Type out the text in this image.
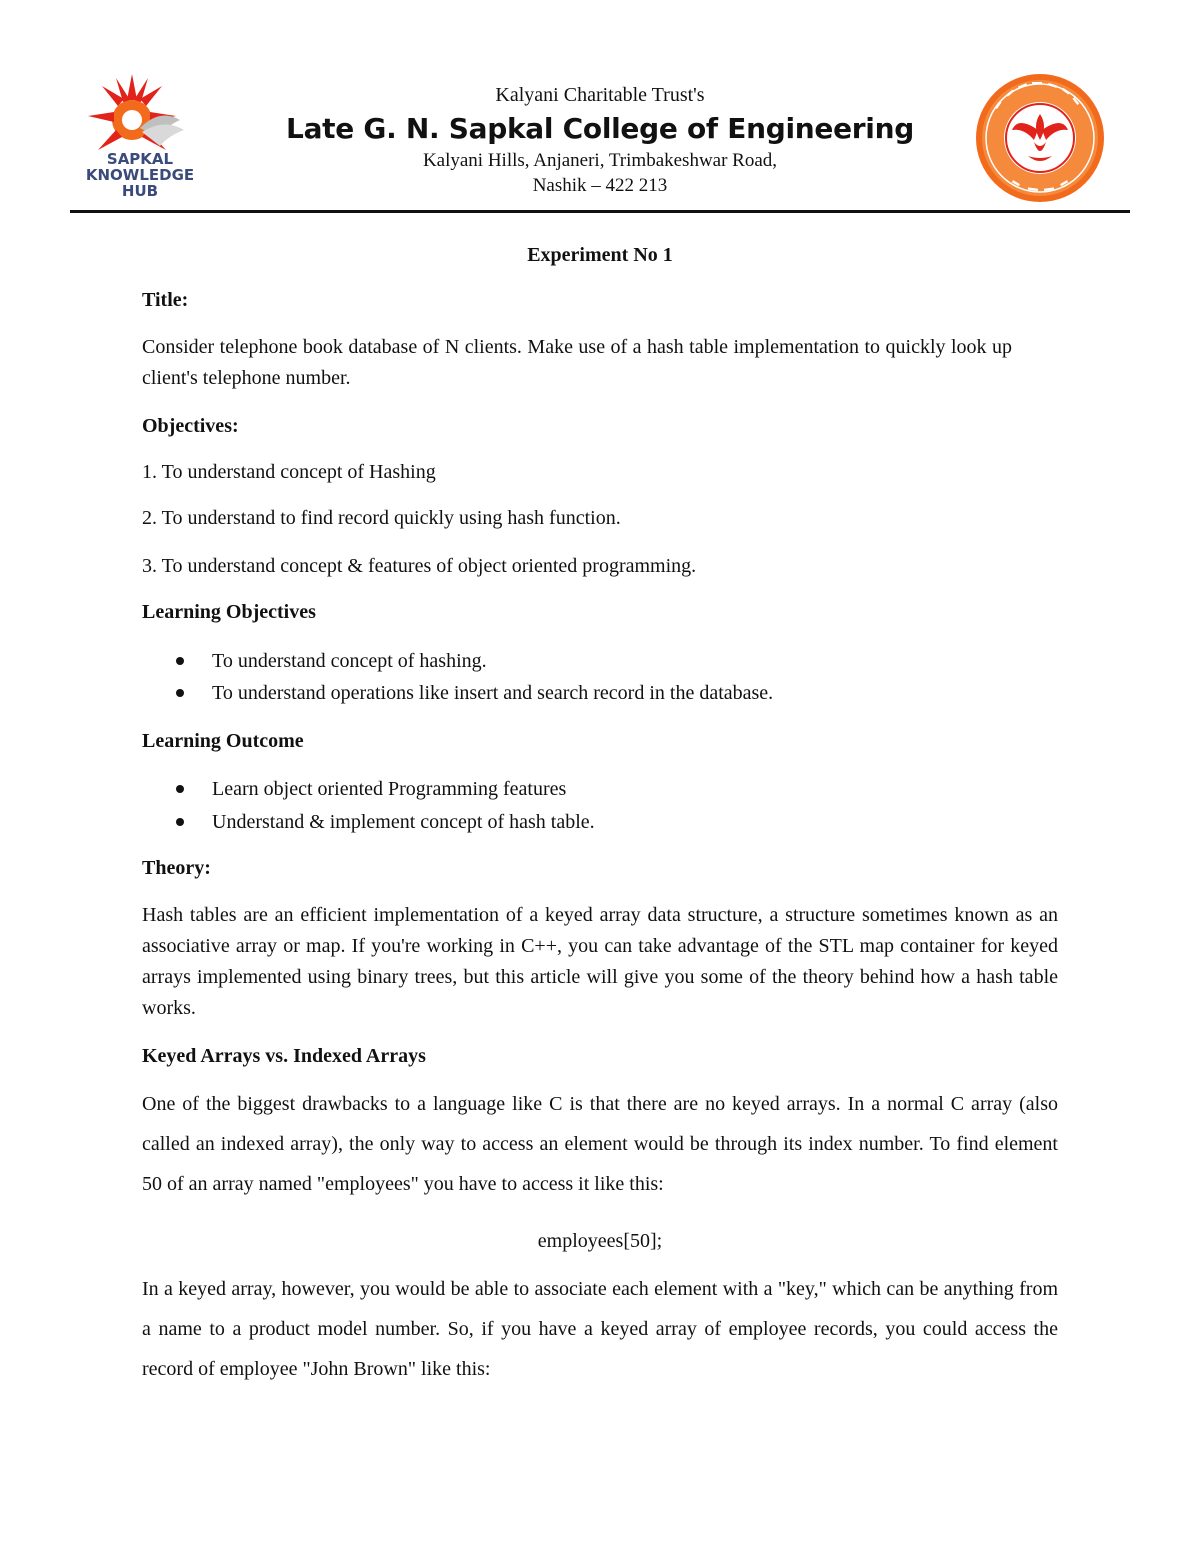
SAPKAL
KNOWLEDGE
HUB
Kalyani Charitable Trust's
Late G. N. Sapkal College of Engineering
Kalyani Hills, Anjaneri, Trimbakeshwar Road,
Nashik – 422 213
Experiment No 1
Title:
Consider telephone book database of N clients. Make use of a hash table implementation to quickly look up client's telephone number.
Objectives:
1. To understand concept of Hashing
2. To understand to find record quickly using hash function.
3. To understand concept & features of object oriented programming.
Learning Objectives
To understand concept of hashing.
To understand operations like insert and search record in the database.
Learning Outcome
Learn object oriented Programming features
Understand & implement concept of hash table.
Theory:
Hash tables are an efficient implementation of a keyed array data structure, a structure sometimes known as an associative array or map. If you're working in C++, you can take advantage of the STL map container for keyed arrays implemented using binary trees, but this article will give you some of the theory behind how a hash table works.
Keyed Arrays vs. Indexed Arrays
One of the biggest drawbacks to a language like C is that there are no keyed arrays. In a normal C array (also called an indexed array), the only way to access an element would be through its index number. To find element 50 of an array named "employees" you have to access it like this:
employees[50];
In a keyed array, however, you would be able to associate each element with a "key," which can be anything from a name to a product model number. So, if you have a keyed array of employee records, you could access the record of employee "John Brown" like this:
